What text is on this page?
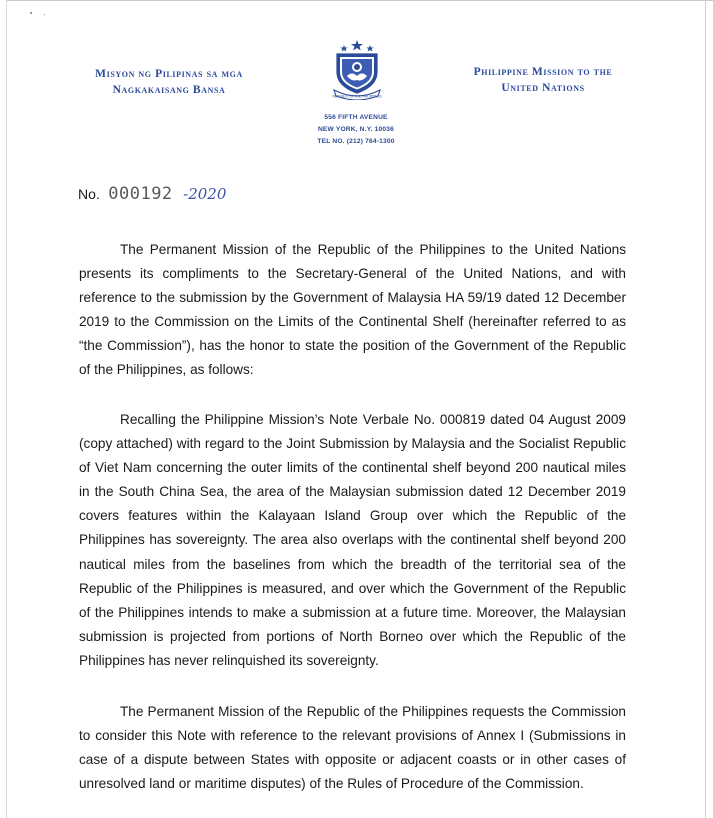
Misyon ng Pilipinas sa mga
Nagkakaisang Bansa
REPUBLIC OF THE PHILIPPINES
Philippine Mission to the
United Nations
556 FIFTH AVENUE
NEW YORK, N.Y. 10036
TEL NO. (212) 764-1300
No. 000192 -2020

The Permanent Mission of the Republic of the Philippines to the United Nations presents its compliments to the Secretary-General of the United Nations, and with reference to the submission by the Government of Malaysia HA 59/19 dated 12 December 2019 to the Commission on the Limits of the Continental Shelf (hereinafter referred to as “the Commission”), has the honor to state the position of the Government of the Republic of the Philippines, as follows:

Recalling the Philippine Mission’s Note Verbale No. 000819 dated 04 August 2009 (copy attached) with regard to the Joint Submission by Malaysia and the Socialist Republic of Viet Nam concerning the outer limits of the continental shelf beyond 200 nautical miles in the South China Sea, the area of the Malaysian submission dated 12 December 2019 covers features within the Kalayaan Island Group over which the Republic of the Philippines has sovereignty. The area also overlaps with the continental shelf beyond 200 nautical miles from the baselines from which the breadth of the territorial sea of the Republic of the Philippines is measured, and over which the Government of the Republic of the Philippines intends to make a submission at a future time. Moreover, the Malaysian submission is projected from portions of North Borneo over which the Republic of the Philippines has never relinquished its sovereignty.

The Permanent Mission of the Republic of the Philippines requests the Commission to consider this Note with reference to the relevant provisions of Annex I (Submissions in case of a dispute between States with opposite or adjacent coasts or in other cases of unresolved land or maritime disputes) of the Rules of Procedure of the Commission.
